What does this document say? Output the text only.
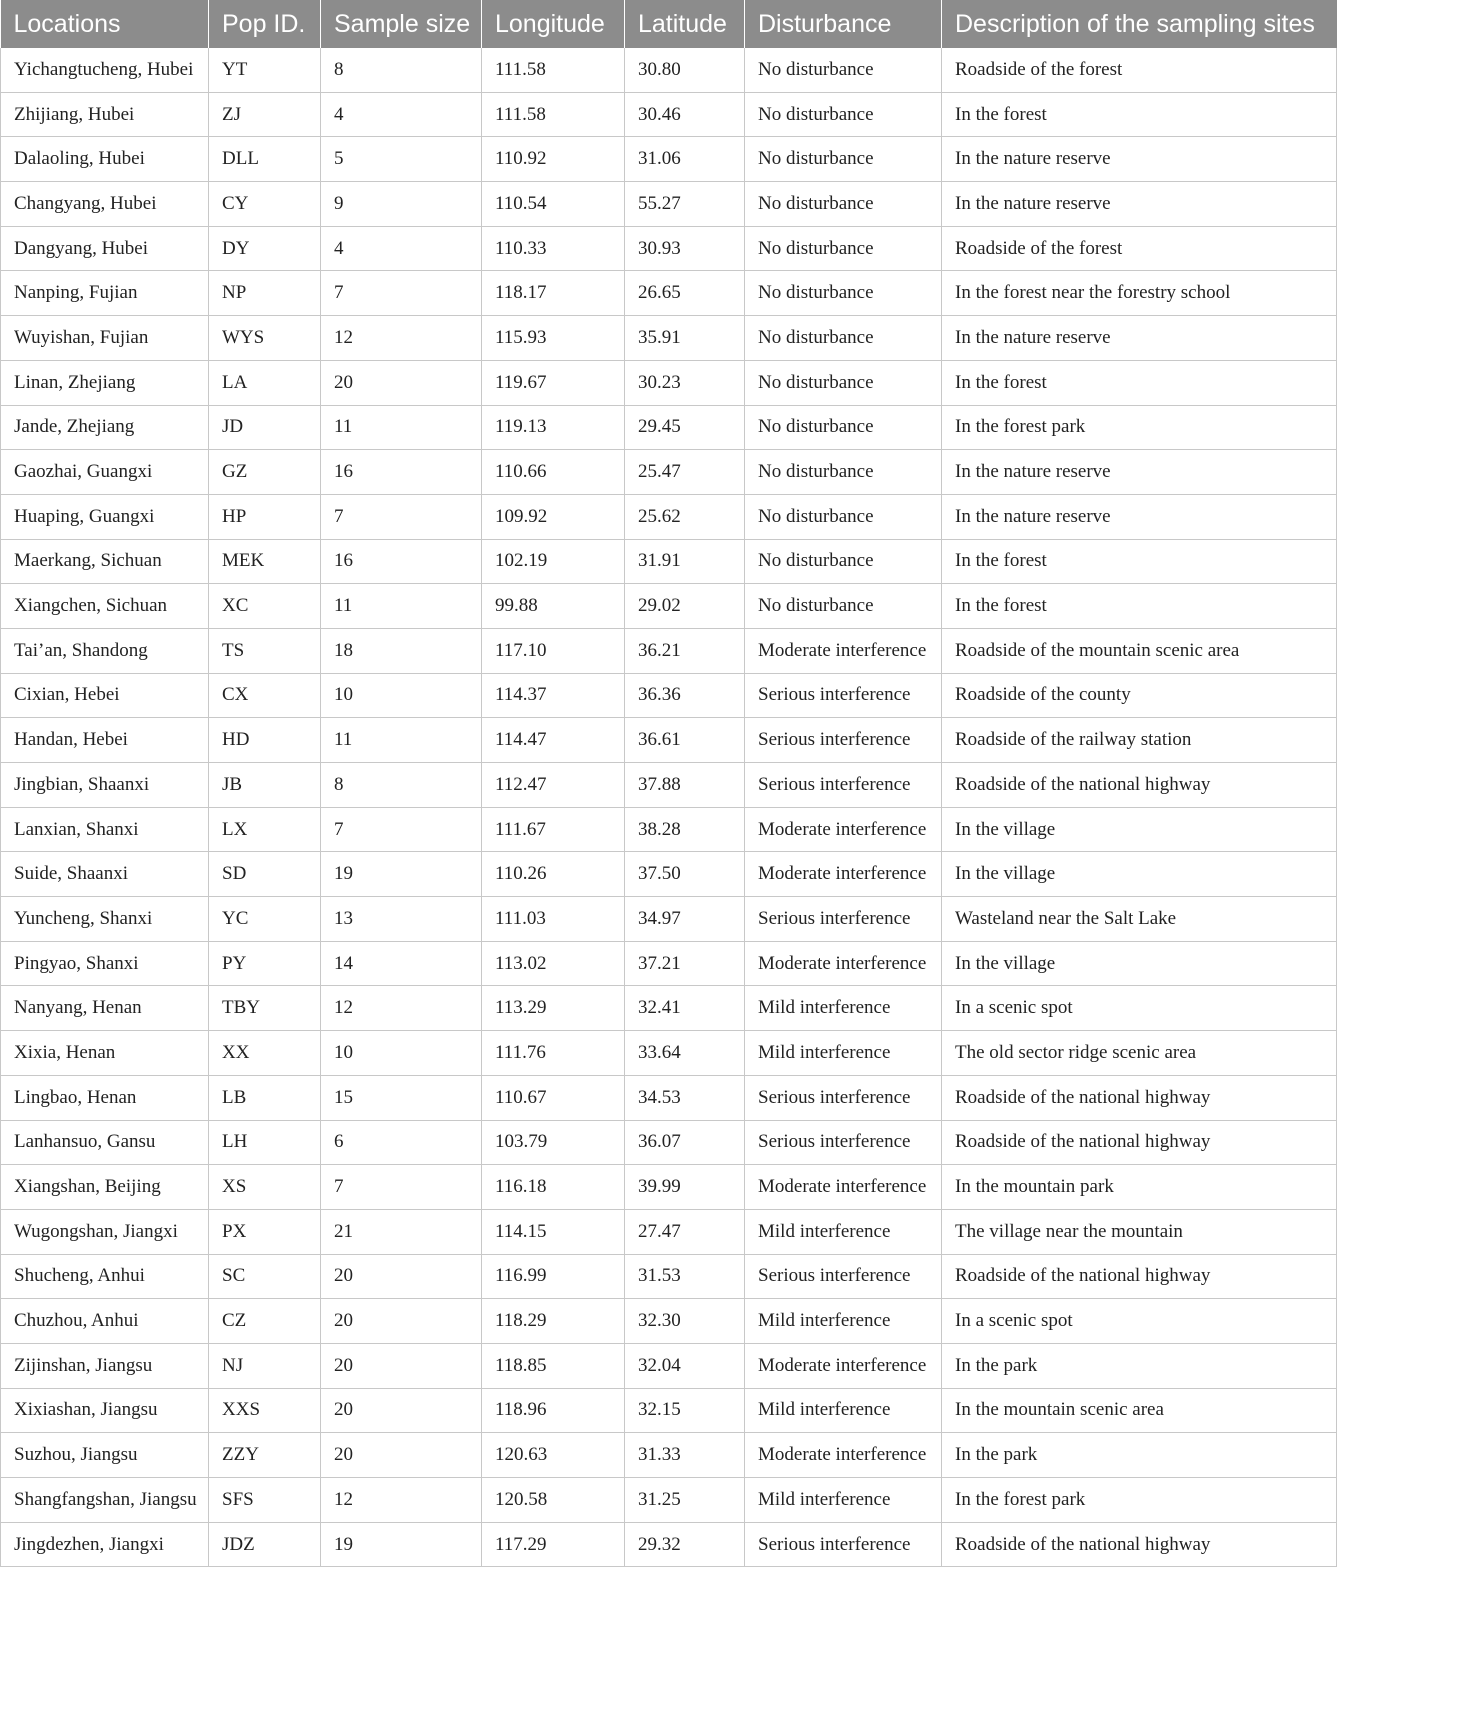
Locations	Pop ID.	Sample size	Longitude	Latitude	Disturbance	Description of the sampling sites
Yichangtucheng, Hubei	YT	8	111.58	30.80	No disturbance	Roadside of the forest
Zhijiang, Hubei	ZJ	4	111.58	30.46	No disturbance	In the forest
Dalaoling, Hubei	DLL	5	110.92	31.06	No disturbance	In the nature reserve
Changyang, Hubei	CY	9	110.54	55.27	No disturbance	In the nature reserve
Dangyang, Hubei	DY	4	110.33	30.93	No disturbance	Roadside of the forest
Nanping, Fujian	NP	7	118.17	26.65	No disturbance	In the forest near the forestry school
Wuyishan, Fujian	WYS	12	115.93	35.91	No disturbance	In the nature reserve
Linan, Zhejiang	LA	20	119.67	30.23	No disturbance	In the forest
Jande, Zhejiang	JD	11	119.13	29.45	No disturbance	In the forest park
Gaozhai, Guangxi	GZ	16	110.66	25.47	No disturbance	In the nature reserve
Huaping, Guangxi	HP	7	109.92	25.62	No disturbance	In the nature reserve
Maerkang, Sichuan	MEK	16	102.19	31.91	No disturbance	In the forest
Xiangchen, Sichuan	XC	11	99.88	29.02	No disturbance	In the forest
Tai’an, Shandong	TS	18	117.10	36.21	Moderate interference	Roadside of the mountain scenic area
Cixian, Hebei	CX	10	114.37	36.36	Serious interference	Roadside of the county
Handan, Hebei	HD	11	114.47	36.61	Serious interference	Roadside of the railway station
Jingbian, Shaanxi	JB	8	112.47	37.88	Serious interference	Roadside of the national highway
Lanxian, Shanxi	LX	7	111.67	38.28	Moderate interference	In the village
Suide, Shaanxi	SD	19	110.26	37.50	Moderate interference	In the village
Yuncheng, Shanxi	YC	13	111.03	34.97	Serious interference	Wasteland near the Salt Lake
Pingyao, Shanxi	PY	14	113.02	37.21	Moderate interference	In the village
Nanyang, Henan	TBY	12	113.29	32.41	Mild interference	In a scenic spot
Xixia, Henan	XX	10	111.76	33.64	Mild interference	The old sector ridge scenic area
Lingbao, Henan	LB	15	110.67	34.53	Serious interference	Roadside of the national highway
Lanhansuo, Gansu	LH	6	103.79	36.07	Serious interference	Roadside of the national highway
Xiangshan, Beijing	XS	7	116.18	39.99	Moderate interference	In the mountain park
Wugongshan, Jiangxi	PX	21	114.15	27.47	Mild interference	The village near the mountain
Shucheng, Anhui	SC	20	116.99	31.53	Serious interference	Roadside of the national highway
Chuzhou, Anhui	CZ	20	118.29	32.30	Mild interference	In a scenic spot
Zijinshan, Jiangsu	NJ	20	118.85	32.04	Moderate interference	In the park
Xixiashan, Jiangsu	XXS	20	118.96	32.15	Mild interference	In the mountain scenic area
Suzhou, Jiangsu	ZZY	20	120.63	31.33	Moderate interference	In the park
Shangfangshan, Jiangsu	SFS	12	120.58	31.25	Mild interference	In the forest park
Jingdezhen, Jiangxi	JDZ	19	117.29	29.32	Serious interference	Roadside of the national highway
